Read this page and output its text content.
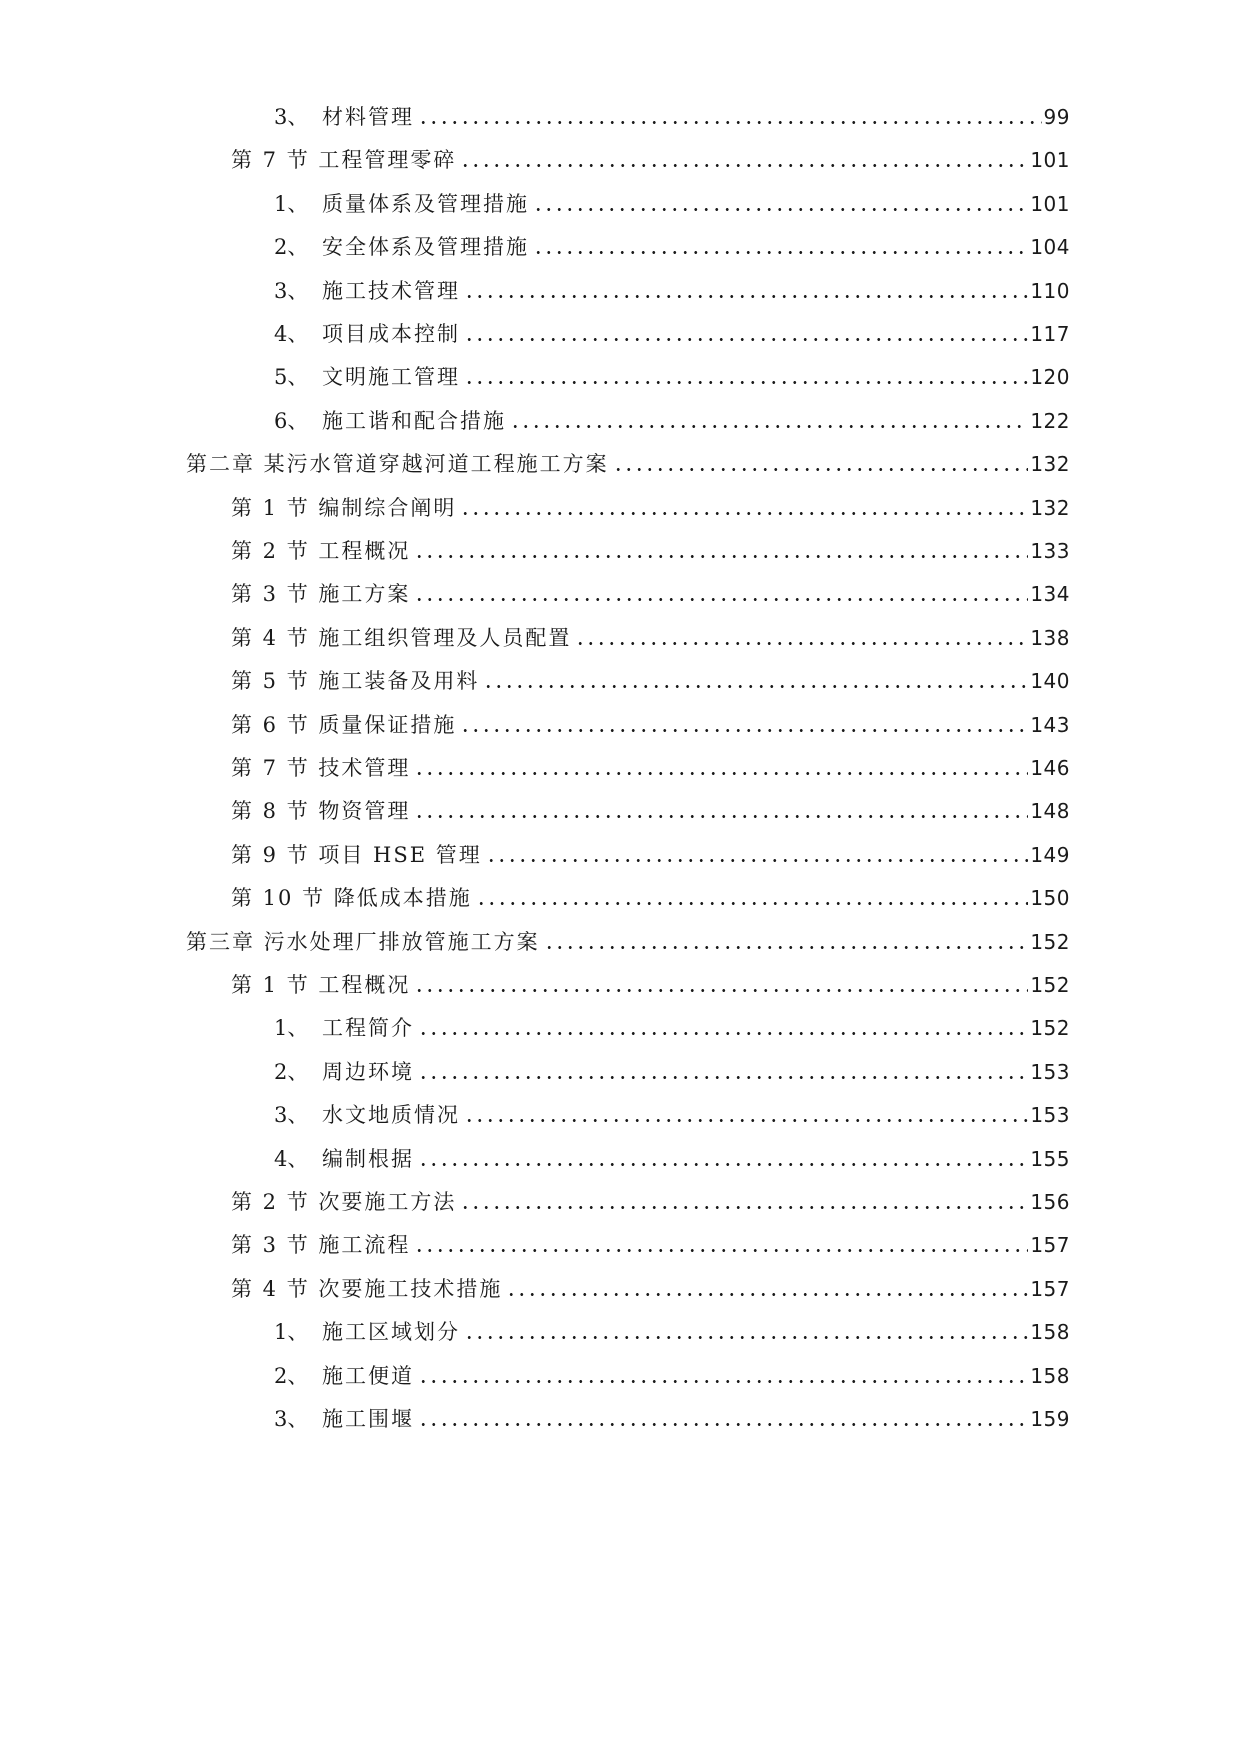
3、 材料管理	99
第 7 节 工程管理零碎	101
1、 质量体系及管理措施	101
2、 安全体系及管理措施	104
3、 施工技术管理	110
4、 项目成本控制	117
5、 文明施工管理	120
6、 施工谐和配合措施	122
第二章 某污水管道穿越河道工程施工方案	132
第 1 节 编制综合阐明	132
第 2 节 工程概况	133
第 3 节 施工方案	134
第 4 节 施工组织管理及人员配置	138
第 5 节 施工装备及用料	140
第 6 节 质量保证措施	143
第 7 节 技术管理	146
第 8 节 物资管理	148
第 9 节 项目 HSE 管理	149
第 10 节 降低成本措施	150
第三章 污水处理厂排放管施工方案	152
第 1 节 工程概况	152
1、 工程简介	152
2、 周边环境	153
3、 水文地质情况	153
4、 编制根据	155
第 2 节 次要施工方法	156
第 3 节 施工流程	157
第 4 节 次要施工技术措施	157
1、 施工区域划分	158
2、 施工便道	158
3、 施工围堰	159
